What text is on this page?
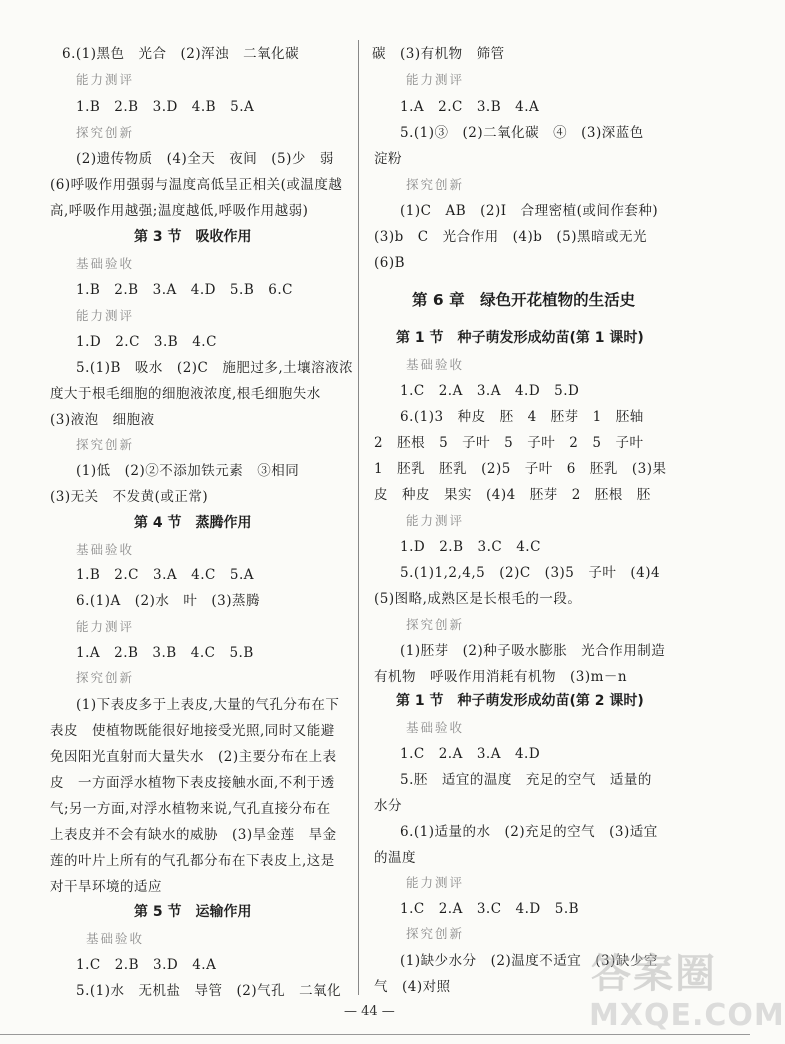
6.(1)黑色　光合　(2)浑浊　二氧化碳
能力测评
1.B　2.B　3.D　4.B　5.A
探究创新
(2)遗传物质　(4)全天　夜间　(5)少　弱
(6)呼吸作用强弱与温度高低呈正相关(或温度越
高,呼吸作用越强;温度越低,呼吸作用越弱)
第 3 节　吸收作用
基础验收
1.B　2.B　3.A　4.D　5.B　6.C
能力测评
1.D　2.C　3.B　4.C
5.(1)B　吸水　(2)C　施肥过多,土壤溶液浓
度大于根毛细胞的细胞液浓度,根毛细胞失水
(3)液泡　细胞液
探究创新
(1)低　(2)②不添加铁元素　③相同
(3)无关　不发黄(或正常)
第 4 节　蒸腾作用
基础验收
1.B　2.C　3.A　4.C　5.A
6.(1)A　(2)水　叶　(3)蒸腾
能力测评
1.A　2.B　3.B　4.C　5.B
探究创新
(1)下表皮多于上表皮,大量的气孔分布在下
表皮　使植物既能很好地接受光照,同时又能避
免因阳光直射而大量失水　(2)主要分布在上表
皮　一方面浮水植物下表皮接触水面,不利于透
气;另一方面,对浮水植物来说,气孔直接分布在
上表皮并不会有缺水的威胁　(3)旱金莲　旱金
莲的叶片上所有的气孔都分布在下表皮上,这是
对干旱环境的适应
第 5 节　运输作用
基础验收
1.C　2.B　3.D　4.A
5.(1)水　无机盐　导管　(2)气孔　二氧化
碳　(3)有机物　筛管
能力测评
1.A　2.C　3.B　4.A
5.(1)③　(2)二氧化碳　④　(3)深蓝色
淀粉
探究创新
(1)C　AB　(2)Ⅰ　合理密植(或间作套种)
(3)b　C　光合作用　(4)b　(5)黑暗或无光
(6)B
第 6 章　绿色开花植物的生活史
第 1 节　种子萌发形成幼苗(第 1 课时)
基础验收
1.C　2.A　3.A　4.D　5.D
6.(1)3　种皮　胚　4　胚芽　1　胚轴
2　胚根　5　子叶　5　子叶　2　5　子叶
1　胚乳　胚乳　(2)5　子叶　6　胚乳　(3)果
皮　种皮　果实　(4)4　胚芽　2　胚根　胚
能力测评
1.D　2.B　3.C　4.C
5.(1)1,2,4,5　(2)C　(3)5　子叶　(4)4
(5)图略,成熟区是长根毛的一段。
探究创新
(1)胚芽　(2)种子吸水膨胀　光合作用制造
有机物　呼吸作用消耗有机物　(3)m－n
第 1 节　种子萌发形成幼苗(第 2 课时)
基础验收
1.C　2.A　3.A　4.D
5.胚　适宜的温度　充足的空气　适量的
水分
6.(1)适量的水　(2)充足的空气　(3)适宜
的温度
能力测评
1.C　2.A　3.C　4.D　5.B
探究创新
(1)缺少水分　(2)温度不适宜　(3)缺少空
气　(4)对照
— 44 —
答案圈
MXQE.COM
